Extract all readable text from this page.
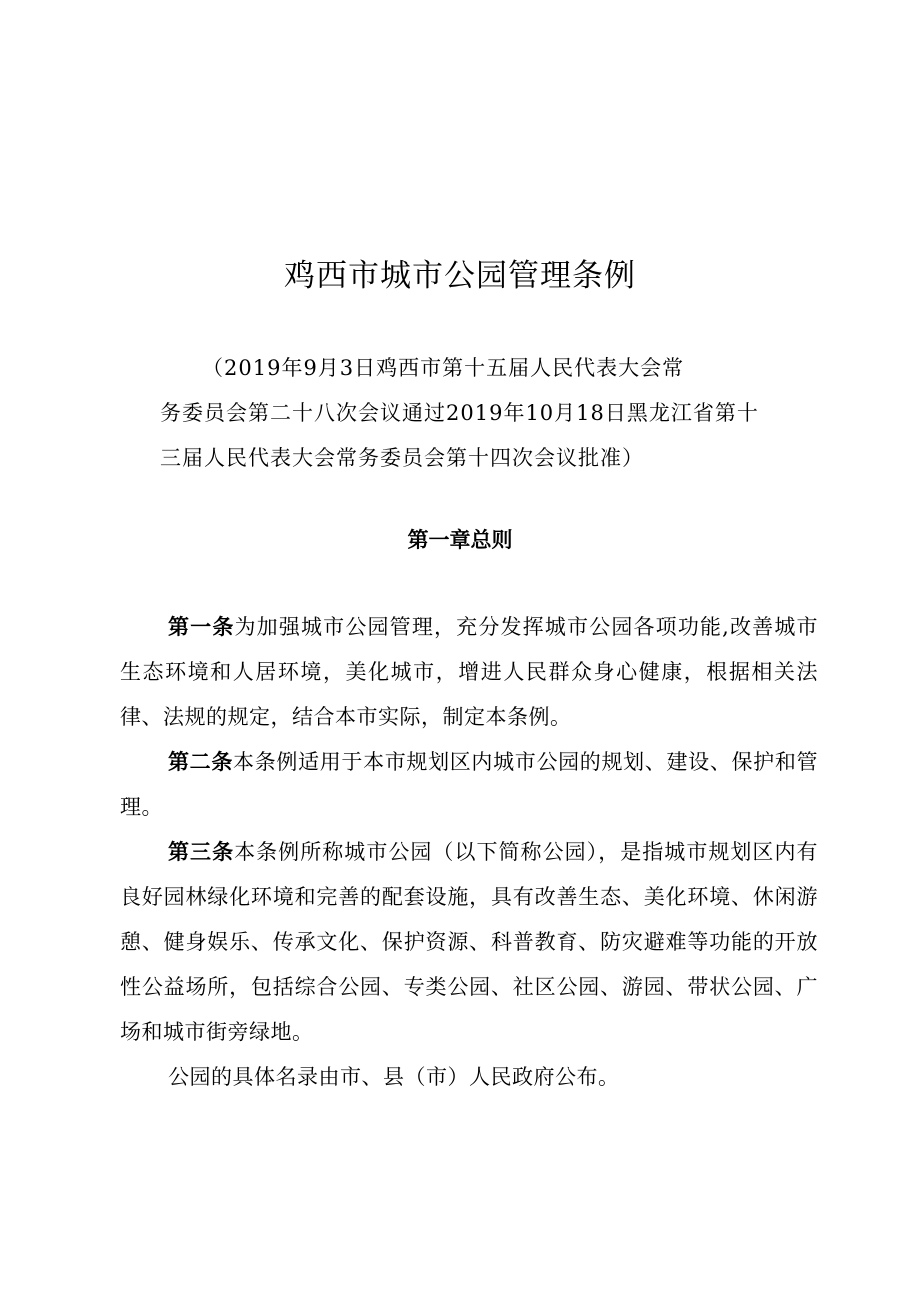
鸡西市城市公园管理条例
（2019年9月3日鸡西市第十五届人民代表大会常
务委员会第二十八次会议通过2019年10月18日黑龙江省第十
三届人民代表大会常务委员会第十四次会议批准）
第一章总则

第一条为加强城市公园管理，充分发挥城市公园各项功能,改善城市生态环境和人居环境，美化城市，增进人民群众身心健康，根据相关法律、法规的规定，结合本市实际，制定本条例。

第二条本条例适用于本市规划区内城市公园的规划、建设、保护和管理。

第三条本条例所称城市公园（以下简称公园），是指城市规划区内有良好园林绿化环境和完善的配套设施，具有改善生态、美化环境、休闲游憩、健身娱乐、传承文化、保护资源、科普教育、防灾避难等功能的开放性公益场所，包括综合公园、专类公园、社区公园、游园、带状公园、广场和城市街旁绿地。

公园的具体名录由市、县（市）人民政府公布。
